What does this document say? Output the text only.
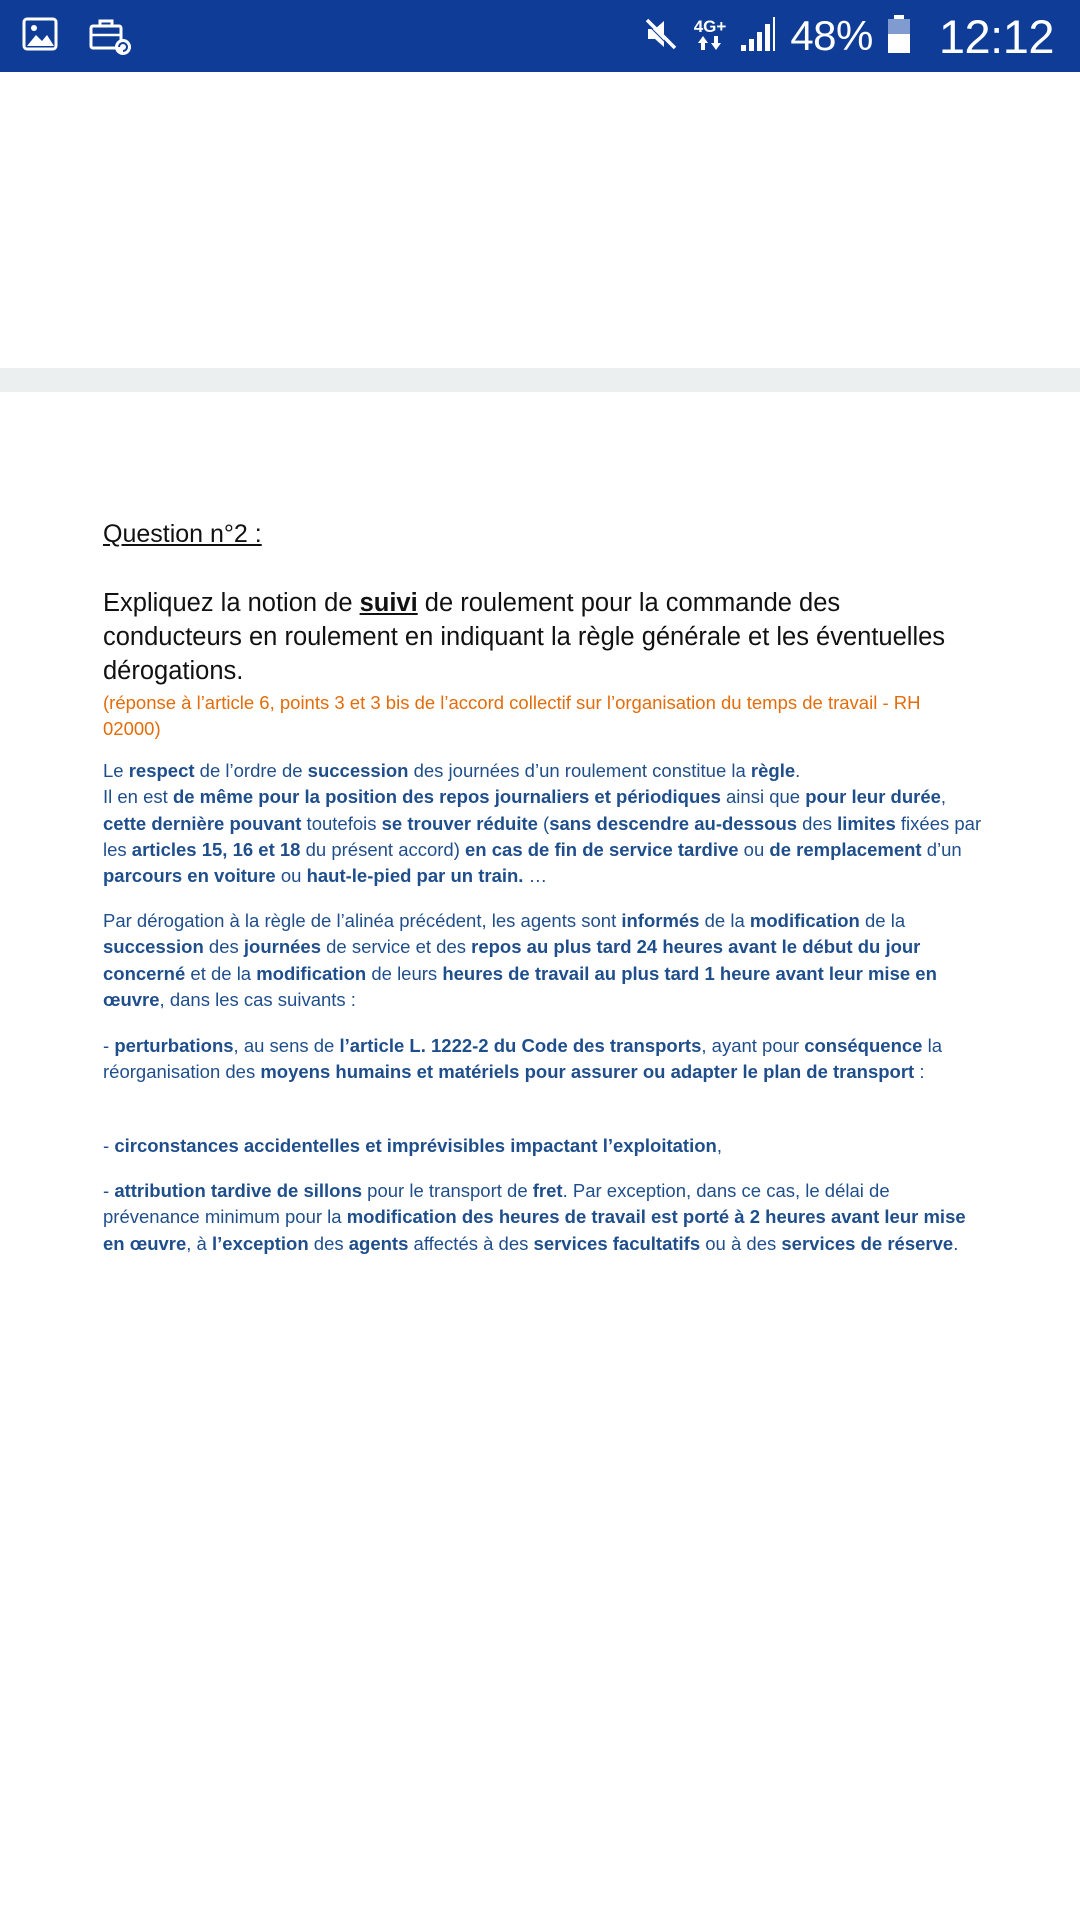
4G+ 48% 12:12
Question n°2 :
Expliquez la notion de suivi de roulement pour la commande des conducteurs en roulement en indiquant la règle générale et les éventuelles dérogations.
(réponse à l’article 6, points 3 et 3 bis de l’accord collectif sur l’organisation du temps de travail - RH 02000)
Le respect de l’ordre de succession des journées d’un roulement constitue la règle.
Il en est de même pour la position des repos journaliers et périodiques ainsi que pour leur durée, cette dernière pouvant toutefois se trouver réduite (sans descendre au-dessous des limites fixées par les articles 15, 16 et 18 du présent accord) en cas de fin de service tardive ou de remplacement d’un parcours en voiture ou haut-le-pied par un train. …
Par dérogation à la règle de l’alinéa précédent, les agents sont informés de la modification de la succession des journées de service et des repos au plus tard 24 heures avant le début du jour concerné et de la modification de leurs heures de travail au plus tard 1 heure avant leur mise en œuvre, dans les cas suivants :
- perturbations, au sens de l’article L. 1222-2 du Code des transports, ayant pour conséquence la réorganisation des moyens humains et matériels pour assurer ou adapter le plan de transport :
- circonstances accidentelles et imprévisibles impactant l’exploitation,
- attribution tardive de sillons pour le transport de fret. Par exception, dans ce cas, le délai de prévenance minimum pour la modification des heures de travail est porté à 2 heures avant leur mise en œuvre, à l’exception des agents affectés à des services facultatifs ou à des services de réserve.
